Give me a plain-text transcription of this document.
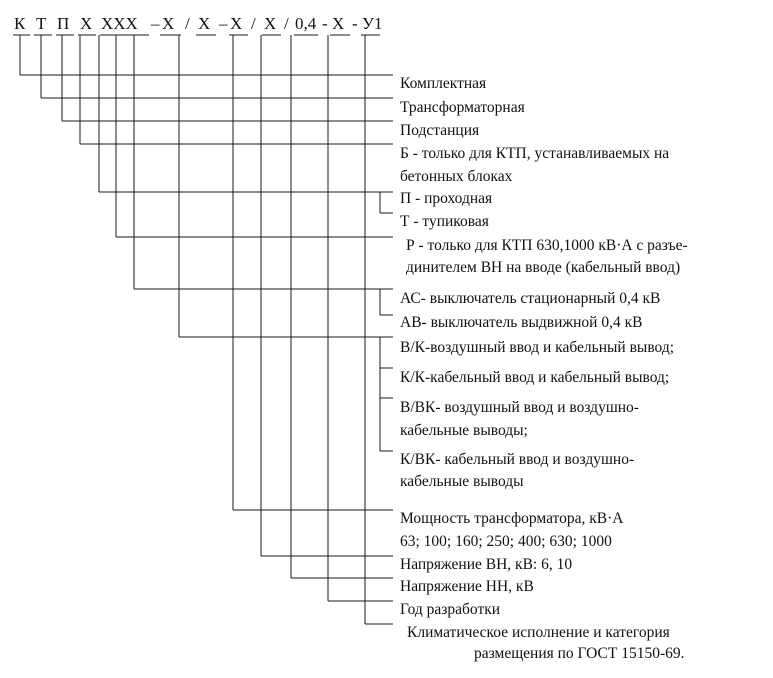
К Т П Х ХХХ – Х / Х – Х / Х / 0,4 - Х - У1
Комплектная
Трансформаторная
Подстанция
Б - только для КТП, устанавливаемых на
бетонных блоках
П - проходная
Т - тупиковая
Р - только для КТП 630,1000 кВ·А с разъе-
динителем ВН на вводе (кабельный ввод)
АС- выключатель стационарный 0,4 кВ
АВ- выключатель выдвижной 0,4 кВ
В/К-воздушный ввод и кабельный вывод;
К/К-кабельный ввод и кабельный вывод;
В/ВК- воздушный ввод и воздушно-
кабельные выводы;
К/ВК- кабельный ввод и воздушно-
кабельные выводы
Мощность трансформатора, кВ·А
63; 100; 160; 250; 400; 630; 1000
Напряжение ВН, кВ: 6, 10
Напряжение НН, кВ
Год разработки
Климатическое исполнение и категория
размещения по ГОСТ 15150-69.
